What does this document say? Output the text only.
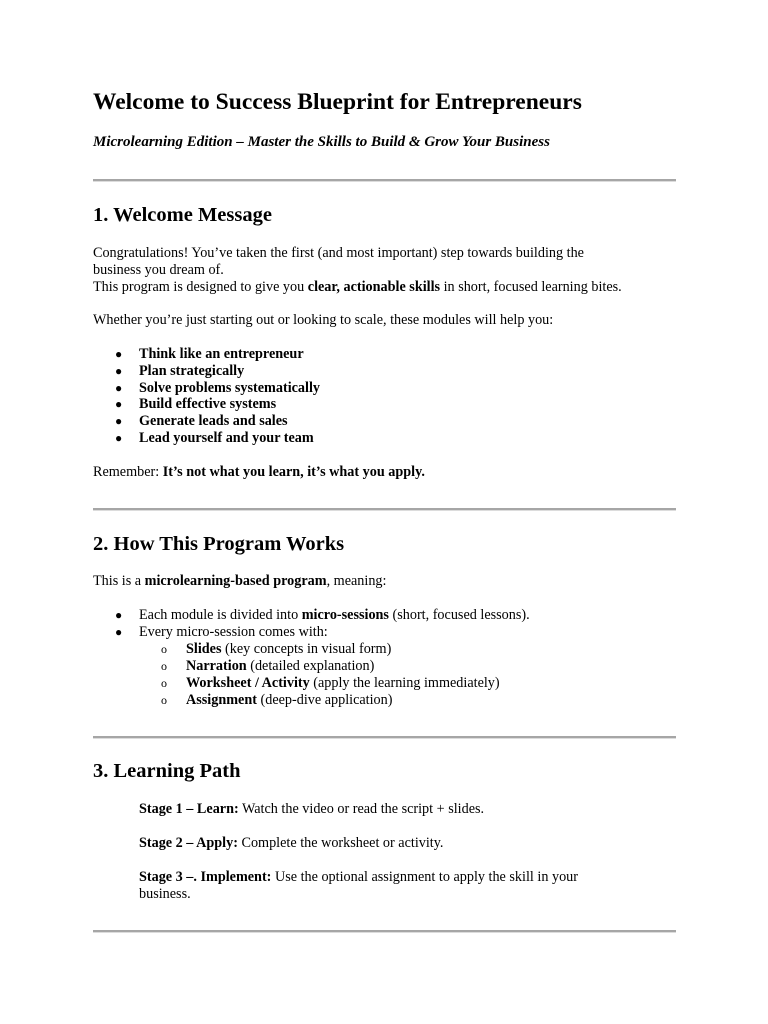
Welcome to Success Blueprint for Entrepreneurs
Microlearning Edition – Master the Skills to Build & Grow Your Business
1. Welcome Message
Congratulations! You’ve taken the first (and most important) step towards building the
business you dream of.
This program is designed to give you clear, actionable skills in short, focused learning bites.
Whether you’re just starting out or looking to scale, these modules will help you:
● Think like an entrepreneur
● Plan strategically
● Solve problems systematically
● Build effective systems
● Generate leads and sales
● Lead yourself and your team
Remember: It’s not what you learn, it’s what you apply.
2. How This Program Works
This is a microlearning-based program, meaning:
● Each module is divided into micro-sessions (short, focused lessons).
● Every micro-session comes with:
o Slides (key concepts in visual form)
o Narration (detailed explanation)
o Worksheet / Activity (apply the learning immediately)
o Assignment (deep-dive application)
3. Learning Path
Stage 1 – Learn: Watch the video or read the script + slides.
Stage 2 – Apply: Complete the worksheet or activity.
Stage 3 –. Implement: Use the optional assignment to apply the skill in your
business.
